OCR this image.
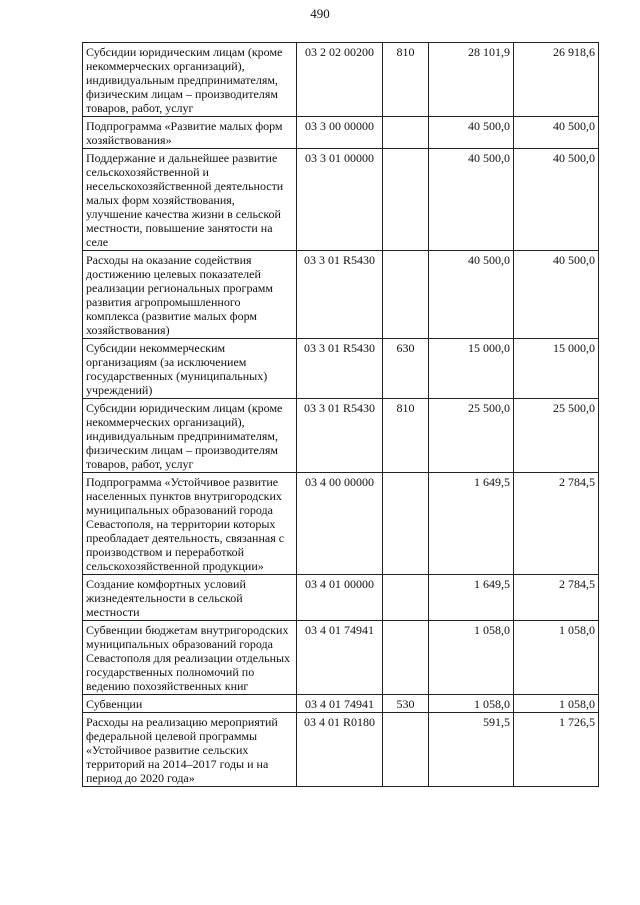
490
Субсидии юридическим лицам (кроме некоммерческих организаций), индивидуальным предпринимателям, физическим лицам – производителям товаров, работ, услуг	03 2 02 00200	810	28 101,9	26 918,6
Подпрограмма «Развитие малых форм хозяйствования»	03 3 00 00000		40 500,0	40 500,0
Поддержание и дальнейшее развитие сельскохозяйственной и несельскохозяйственной деятельности малых форм хозяйствования, улучшение качества жизни в сельской местности, повышение занятости на селе	03 3 01 00000		40 500,0	40 500,0
Расходы на оказание содействия достижению целевых показателей реализации региональных программ развития агропромышленного комплекса (развитие малых форм хозяйствования)	03 3 01 R5430		40 500,0	40 500,0
Субсидии некоммерческим организациям (за исключением государственных (муниципальных) учреждений)	03 3 01 R5430	630	15 000,0	15 000,0
Субсидии юридическим лицам (кроме некоммерческих организаций), индивидуальным предпринимателям, физическим лицам – производителям товаров, работ, услуг	03 3 01 R5430	810	25 500,0	25 500,0
Подпрограмма «Устойчивое развитие населенных пунктов внутригородских муниципальных образований города Севастополя, на территории которых преобладает деятельность, связанная с производством и переработкой сельскохозяйственной продукции»	03 4 00 00000		1 649,5	2 784,5
Создание комфортных условий жизнедеятельности в сельской местности	03 4 01 00000		1 649,5	2 784,5
Субвенции бюджетам внутригородских муниципальных образований города Севастополя для реализации отдельных государственных полномочий по ведению похозяйственных книг	03 4 01 74941		1 058,0	1 058,0
Субвенции	03 4 01 74941	530	1 058,0	1 058,0
Расходы на реализацию мероприятий федеральной целевой программы «Устойчивое развитие сельских территорий на 2014–2017 годы и на период до 2020 года»	03 4 01 R0180		591,5	1 726,5
